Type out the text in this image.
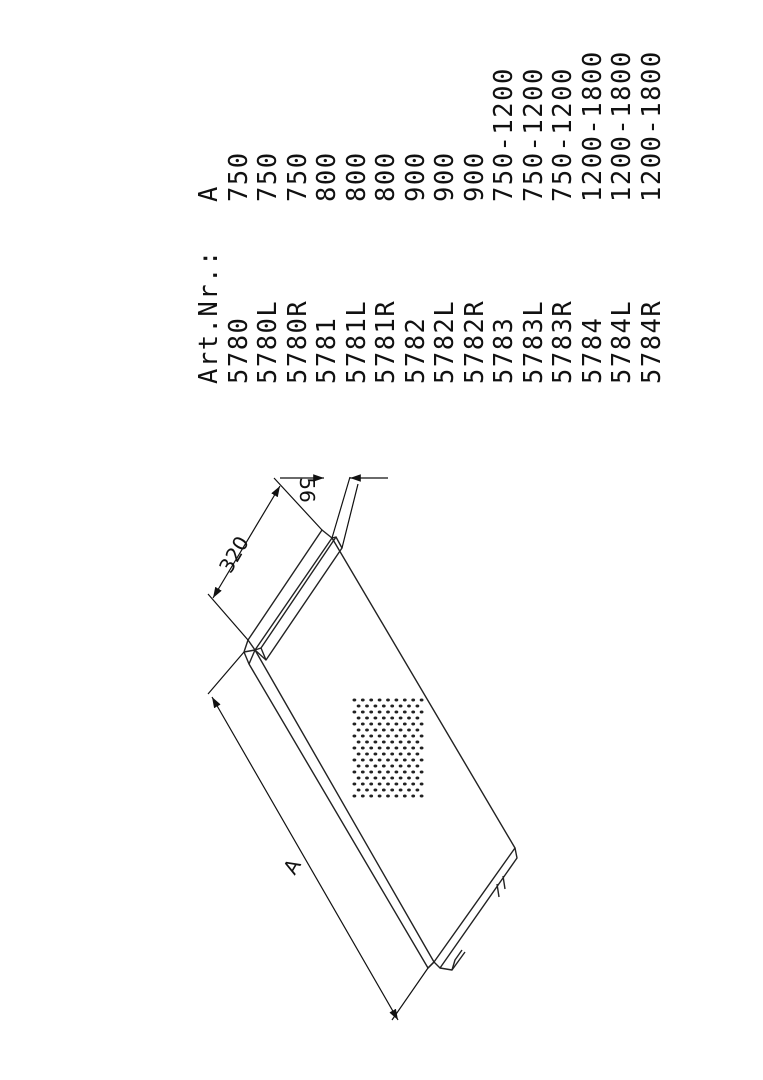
320
56
A
Art.Nr.:
A
5780
750
5780L
750
5780R
750
5781
800
5781L
800
5781R
800
5782
900
5782L
900
5782R
900
5783
750-1200
5783L
750-1200
5783R
750-1200
5784
1200-1800
5784L
1200-1800
5784R
1200-1800
